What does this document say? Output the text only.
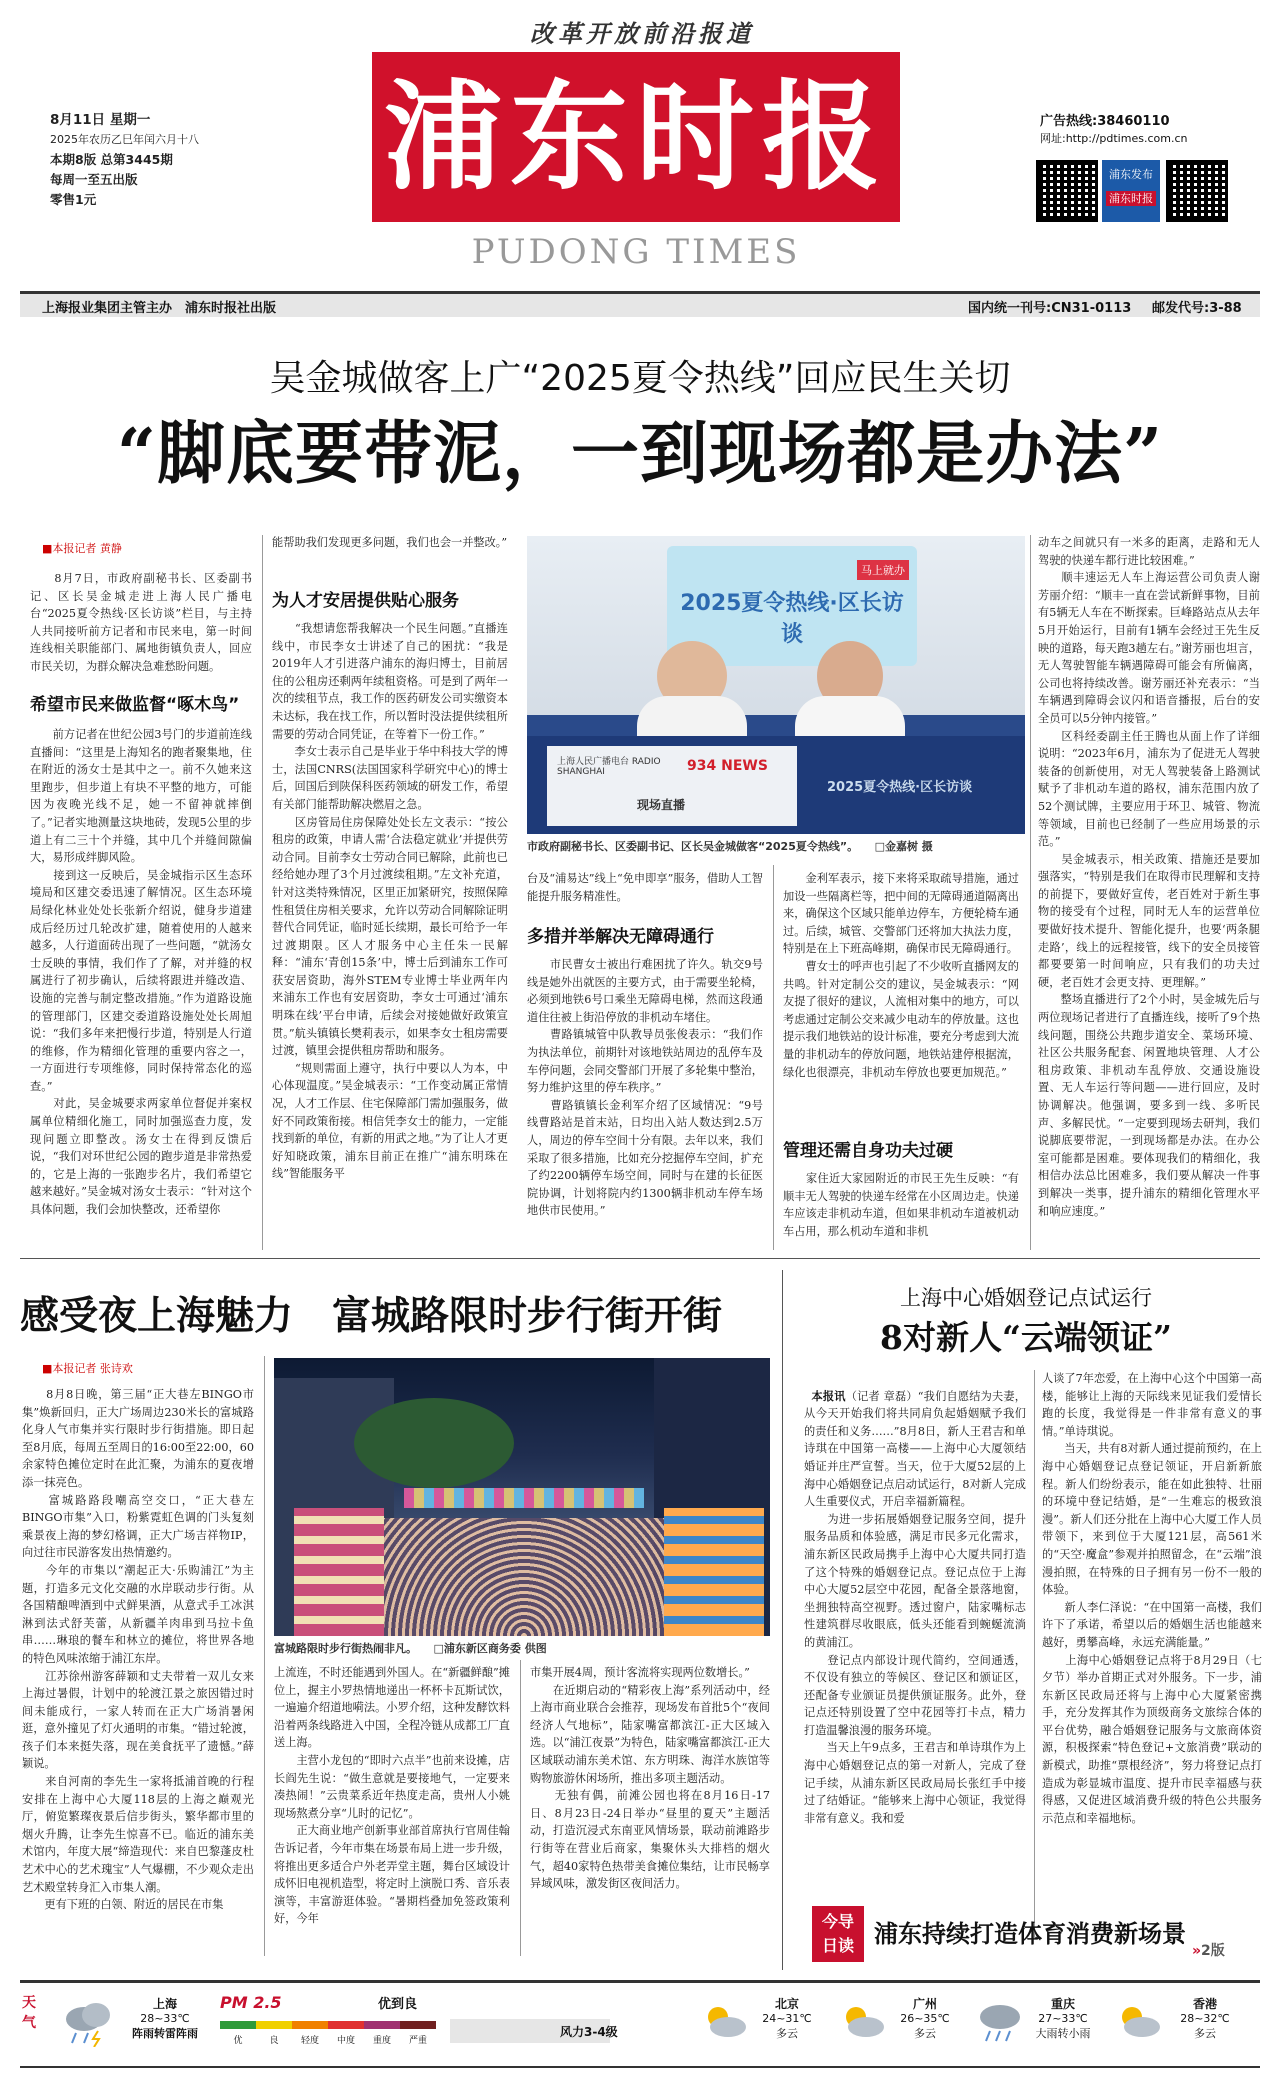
改革开放前沿报道
浦东时报
PUDONG TIMES
8月11日 星期一
2025年农历乙巳年闰六月十八
本期8版 总第3445期
每周一至五出版
零售1元
广告热线:38460110
网址:http://pdtimes.com.cn
浦东发布
浦东时报
上海报业集团主管主办　浦东时报社出版	国内统一刊号:CN31-0113 邮发代号:3-88
吴金城做客上广“2025夏令热线”回应民生关切
“脚底要带泥，一到现场都是办法”
■本报记者 黄静
　　8月7日，市政府副秘书长、区委副书记、区长吴金城走进上海人民广播电台“2025夏令热线·区长访谈”栏目，与主持人共同接听前方记者和市民来电，第一时间连线相关职能部门、属地街镇负责人，回应市民关切，为群众解决急难愁盼问题。
希望市民来做监督“啄木鸟”
　　前方记者在世纪公园3号门的步道前连线直播间：“这里是上海知名的跑者聚集地，住在附近的汤女士是其中之一。前不久她来这里跑步，但步道上有块不平整的地方，可能因为夜晚光线不足，她一不留神就摔倒了。”记者实地测量这块地砖，发现5公里的步道上有二三十个并缝，其中几个并缝间隙偏大，易形成绊脚风险。
　　接到这一反映后，吴金城指示区生态环境局和区建交委迅速了解情况。区生态环境局绿化林业处处长张新介绍说，健身步道建成后经历过几轮改扩建，随着使用的人越来越多，人行道面砖出现了一些问题，“就汤女士反映的事情，我们作了了解，对并缝的权属进行了初步确认，后续将跟进并缝改造、设施的完善与制定整改措施。”作为道路设施的管理部门，区建交委道路设施处处长周旭说：“我们多年来把慢行步道，特别是人行道的维修，作为精细化管理的重要内容之一，一方面进行专项维修，同时保持常态化的巡查。”
　　对此，吴金城要求两家单位督促并案权属单位精细化施工，同时加强巡查力度，发现问题立即整改。汤女士在得到反馈后说，“我们对环世纪公园的跑步道是非常热爱的，它是上海的一张跑步名片，我们希望它越来越好。”吴金城对汤女士表示：“针对这个具体问题，我们会加快整改，还希望你
能帮助我们发现更多问题，我们也会一并整改。”
为人才安居提供贴心服务
　　“我想请您帮我解决一个民生问题。”直播连线中，市民李女士讲述了自己的困扰：“我是2019年人才引进落户浦东的海归博士，目前居住的公租房还剩两年续租资格。可是到了两年一次的续租节点，我工作的医药研发公司实缴资本未达标，我在找工作，所以暂时没法提供续租所需要的劳动合同凭证，在等着下一份工作。”
　　李女士表示自己是毕业于华中科技大学的博士，法国CNRS(法国国家科学研究中心)的博士后，回国后到陕保科医药领域的研发工作，希望有关部门能帮助解决燃眉之急。
　　区房管局住房保障处处长左文表示：“按公租房的政策，申请人需‘合法稳定就业’并提供劳动合同。目前李女士劳动合同已解除，此前也已经给她办理了3个月过渡续租期。”左文补充道，针对这类特殊情况，区里正加紧研究，按照保障性租赁住房相关要求，允许以劳动合同解除证明替代合同凭证，临时延长续期，最长可给予一年过渡期限。区人才服务中心主任朱一民解释：“浦东‘青创15条’中，博士后到浦东工作可获安居资助，海外STEM专业博士毕业两年内来浦东工作也有安居资助，李女士可通过‘浦东明珠在线’平台申请，后续会对接她做好政策宣贯。”航头镇镇长樊莉表示，如果李女士租房需要过渡，镇里会提供租房帮助和服务。
　　“规则需面上遵守，执行中要以人为本，中心体现温度。”吴金城表示：“工作变动属正常情况，人才工作层、住宅保障部门需加强服务，做好不同政策衔接。相信凭李女士的能力，一定能找到新的单位，有新的用武之地。”为了让人才更好知晓政策，浦东目前正在推广“浦东明珠在线”智能服务平
2025夏令热线·区长访谈
马上就办
上海人民广播电台 RADIO SHANGHAI	934 NEWS
现场直播
2025夏令热线·区长访谈
市政府副秘书长、区委副书记、区长吴金城做客“2025夏令热线”。　　□金嘉树 摄
台及“浦易达”线上“免申即享”服务，借助人工智能提升服务精准性。
多措并举解决无障碍通行
　　市民曹女士被出行难困扰了许久。轨交9号线是她外出就医的主要方式，由于需要坐轮椅，必须到地铁6号口乘坐无障碍电梯，然而这段通道住往被上街沿停放的非机动车堵住。
　　曹路镇城管中队教导员张俊表示：“我们作为执法单位，前期针对该地铁站周边的乱停车及车停问题，会同交警部门开展了多轮集中整治，努力维护这里的停车秩序。”
　　曹路镇镇长金利军介绍了区域情况：“9号线曹路站是首末站，日均出入站人数达到2.5万人，周边的停车空间十分有限。去年以来，我们采取了很多措施，比如充分挖掘停车空间，扩充了约2200辆停车场空间，同时与在建的长征医院协调，计划将院内约1300辆非机动车停车场地供市民使用。”
　　金利军表示，接下来将采取疏导措施，通过加设一些隔离栏等，把中间的无障碍通道隔离出来，确保这个区域只能单边停车，方便轮椅车通过。后续，城管、交警部门还将加大执法力度，特别是在上下班高峰期，确保市民无障碍通行。
　　曹女士的呼声也引起了不少收听直播网友的共鸣。针对定制公交的建议，吴金城表示：“网友提了很好的建议，人流相对集中的地方，可以考虑通过定制公交来减少电动车的停放量。这也提示我们地铁站的设计标准，要充分考虑到大流量的非机动车的停放问题，地铁站建停根据流，绿化也很漂亮，非机动车停放也要更加规范。”
管理还需自身功夫过硬
　　家住近大家园附近的市民王先生反映：“有顺丰无人驾驶的快递车经常在小区周边走。快递车应该走非机动车道，但如果非机动车道被机动车占用，那么机动车道和非机
动车之间就只有一米多的距离，走路和无人驾驶的快递车都行进比较困难。”
　　顺丰速运无人车上海运营公司负责人谢芳丽介绍：“顺丰一直在尝试新鲜事物，目前有5辆无人车在不断探索。巨峰路站点从去年5月开始运行，目前有1辆车会经过王先生反映的道路，每天跑3趟左右。”谢芳丽也坦言，无人驾驶智能车辆遇障碍可能会有所偏离，公司也将持续改善。谢芳丽还补充表示：“当车辆遇到障碍会议闪和语音播报，后台的安全员可以5分钟内接管。”
　　区科经委副主任王腾也从面上作了详细说明：“2023年6月，浦东为了促进无人驾驶装备的创新使用，对无人驾驶装备上路测试赋予了非机动车道的路权，浦东范围内放了52个测试牌，主要应用于环卫、城管、物流等领域，目前也已经制了一些应用场景的示范。”
　　吴金城表示，相关政策、措施还是要加强落实，“特别是我们在取得市民理解和支持的前提下，要做好宣传，老百姓对于新生事物的接受有个过程，同时无人车的运营单位要做好技术提升、智能化提升，也要‘两条腿走路’，线上的远程接管，线下的安全员接管都要要第一时间响应，只有我们的功夫过硬，老百姓才会更支持、更理解。”
　　整场直播进行了2个小时，吴金城先后与两位现场记者进行了直播连线，接听了9个热线问题，围绕公共跑步道安全、菜场环境、社区公共服务配套、闲置地块管理、人才公租房政策、非机动车乱停放、交通设施设置、无人车运行等问题——进行回应，及时协调解决。他强调，要多到一线、多听民声、多解民忧。“一定要到现场去研判，我们说脚底要带泥，一到现场都是办法。在办公室可能都是困难。要体现我们的精细化，我相信办法总比困难多，我们要从解决一件事到解决一类事，提升浦东的精细化管理水平和响应速度。”
感受夜上海魅力　富城路限时步行街开街
■本报记者 张诗欢
　　8月8日晚，第三届“正大巷左BINGO市集”焕新回归，正大广场周边230米长的富城路化身人气市集并实行限时步行街措施。即日起至8月底，每周五至周日的16:00至22:00，60余家特色摊位定时在此汇聚，为浦东的夏夜增添一抹亮色。
　　富城路路段嘲高空交口，“正大巷左BINGO市集”入口，粉紫霓虹色调的门头复刻乘景夜上海的梦幻格调，正大广场吉祥物IP，向过往市民游客发出热情邀约。
　　今年的市集以“潮起正大·乐购浦江”为主题，打造多元文化交融的水岸联动步行街。从各国精酿啤酒到中式鲜果酒，从意式手工冰淇淋到法式舒芙蕾，从新疆羊肉串到马拉卡鱼串……琳琅的餐车和林立的摊位，将世界各地的特色风味浓缩于浦江东岸。
　　江苏徐州游客薛颖和丈夫带着一双儿女来上海过暑假，计划中的轮渡江景之旅因错过时间未能成行，一家人转而在正大广场消暑闲逛，意外撞见了灯火通明的市集。“错过轮渡，孩子们本来挺失落，现在美食抚平了遗憾。”薛颖说。
　　来自河南的李先生一家将抵浦首晚的行程安排在上海中心大厦118层的上海之巅观光厅，俯览繁璨夜景后信步街头，繁华都市里的烟火升腾，让李先生惊喜不已。临近的浦东美术馆内，年度大展“缔造现代：来自巴黎蓬皮杜艺术中心的艺术瑰宝”人气爆棚，不少观众走出艺术殿堂转身汇入市集人潮。
　　更有下班的白领、附近的居民在市集
富城路限时步行街热闹非凡。　　□浦东新区商务委 供图
上流连，不时还能遇到外国人。在“新疆鲜酿”摊位上，握主小罗热情地递出一杯杯卡瓦斯试饮，一遍遍介绍道地嗬法。小罗介绍，这种发酵饮料沿着两条线路进入中国，全程冷链从成都工厂直送上海。
　　主营小龙包的“即时六点半”也前来设摊，店长阎先生说：“做生意就是要接地气，一定要来凑热闹！”云贵菜系近年热度走高，贵州人小姚现场熬煮分享“儿时的记忆”。
　　正大商业地产创新事业部首席执行官周佳翰告诉记者，今年市集在场景布局上进一步升级，将推出更多适合户外老弄堂主题，舞台区域设计成怀旧电视机造型，将定时上演脱口秀、音乐表演等，丰富游逛体验。“暑期档叠加免签政策利好，今年
市集开展4周，预计客流将实现两位数增长。”
　　在近期启动的“精彩夜上海”系列活动中，经上海市商业联合会推荐，现场发布首批5个“夜间经济人气地标”，陆家嘴富都滨江-正大区域入选。以“浦江夜景”为特色，陆家嘴富都滨江-正大区域联动浦东美术馆、东方明珠、海洋水族馆等购物旅游休闲场所，推出多项主题活动。
　　无独有偶，前滩公园也将在8月16日-17日、8月23日-24日举办“昼里的夏天”主题活动，打造沉浸式东南亚风情场景，联动前滩路步行街等在营业后商家，集聚休头大排档的烟火气，超40家特色热带美食摊位集结，让市民畅享异域风味，激发街区夜间活力。
上海中心婚姻登记点试运行
8对新人“云端领证”

本报讯（记者 章磊）“我们自愿结为夫妻，从今天开始我们将共同肩负起婚姻赋予我们的责任和义务……”8月8日，新人王君吉和单诗琪在中国第一高楼——上海中心大厦领结婚证并庄严宣誓。当天，位于大厦52层的上海中心婚姻登记点启动试运行，8对新人完成人生重要仪式，开启幸福新篇程。
　　为进一步拓展婚姻登记服务空间，提升服务品质和体验感，满足市民多元化需求，浦东新区民政局携手上海中心大厦共同打造了这个特殊的婚姻登记点。登记点位于上海中心大厦52层空中花园，配备全景落地窗，坐拥独特高空视野。透过窗户，陆家嘴标志性建筑群尽收眼底，低头还能看到蜿蜒流淌的黄浦江。
　　登记点内部设计现代简约，空间通透，不仅设有独立的等候区、登记区和颁证区，还配备专业颁证员提供颁证服务。此外，登记点还特别设置了空中花园等打卡点，精力打造温馨浪漫的服务环境。
　　当天上午9点多，王君吉和单诗琪作为上海中心婚姻登记点的第一对新人，完成了登记手续，从浦东新区民政局局长张红手中接过了结婚证。“能够来上海中心领证，我觉得非常有意义。我和爱

人谈了7年恋爱，在上海中心这个中国第一高楼，能够让上海的天际线来见证我们爱情长跑的长度，我觉得是一件非常有意义的事情。”单诗琪说。
　　当天，共有8对新人通过提前预约，在上海中心婚姻登记点登记领证，开启新新旅程。新人们纷纷表示，能在如此独特、壮丽的环境中登记结婚，是“一生难忘的极致浪漫”。新人们还分批在上海中心大厦工作人员带领下，来到位于大厦121层，高561米的“天空·魔盒”参观并拍照留念，在“云端”浪漫拍照，在特殊的日子拥有另一份不一般的体验。
　　新人李仁泽说：“在中国第一高楼，我们许下了承诺，希望以后的婚姻生活也能越来越好，勇攀高峰，永远充满能量。”
　　上海中心婚姻登记点将于8月29日（七夕节）举办首期正式对外服务。下一步，浦东新区民政局还将与上海中心大厦紧密携手，充分发挥其作为顶级商务文旅综合体的平台优势，融合婚姻登记服务与文旅商体资源，积极探索“特色登记+文旅消费”联动的新模式，助推“票根经济”，努力将登记点打造成为彰显城市温度、提升市民幸福感与获得感，又促进区域消费升级的特色公共服务示范点和幸福地标。
今导
日读 浦东持续打造体育消费新场景
»2版
天气
上海
28~33℃
阵雨转雷阵雨
PM 2.5	优到良
优	良	轻度	中度	重度	严重
风力3-4级
北京
24~31℃
多云
广州
26~35℃
多云
重庆
27~33℃
大雨转小雨
香港
28~32℃
多云
